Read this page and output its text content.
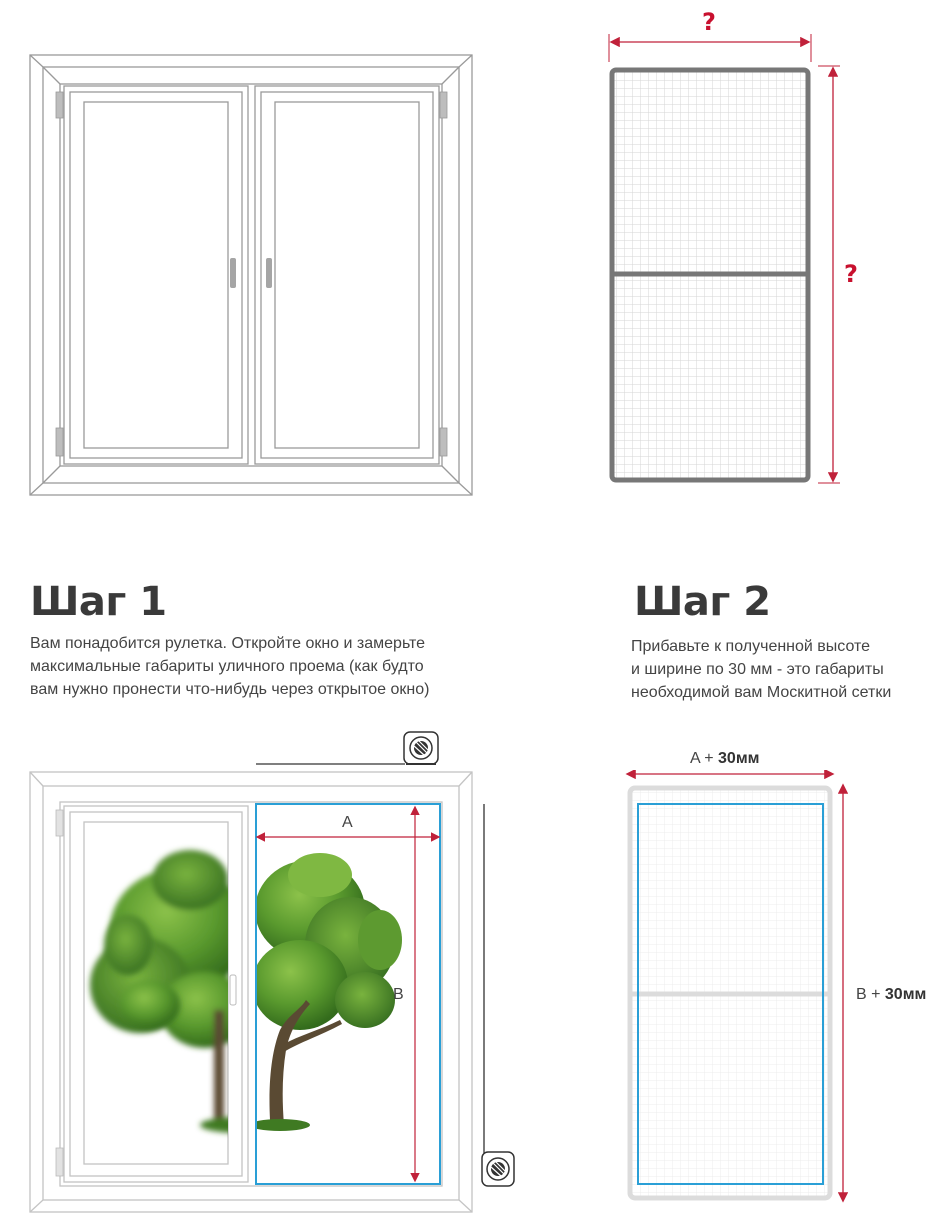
?
?
Шаг 1
Вам понадобится рулетка. Откройте окно и замерьте
максимальные габариты уличного проема (как будто
вам нужно пронести что-нибудь через открытое окно)
Шаг 2
Прибавьте к полученной высоте
и ширине по 30 мм - это габариты
необходимой вам Москитной сетки
A
B
A + 30мм
B + 30мм
